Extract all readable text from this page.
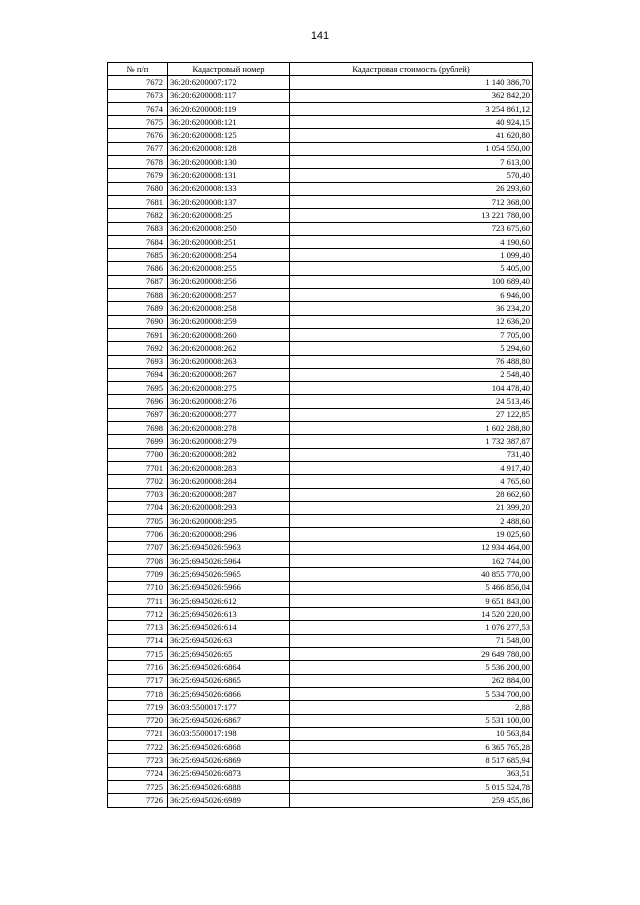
141
№ п/п	Кадастровый номер	Кадастровая стоимость (рублей)
7672	36:20:6200007:172	1 140 386,70
7673	36:20:6200008:117	362 842,20
7674	36:20:6200008:119	3 254 861,12
7675	36:20:6200008:121	40 924,15
7676	36:20:6200008:125	41 620,80
7677	36:20:6200008:128	1 054 550,00
7678	36:20:6200008:130	7 613,00
7679	36:20:6200008:131	570,40
7680	36:20:6200008:133	26 293,60
7681	36:20:6200008:137	712 368,00
7682	36:20:6200008:25	13 221 780,00
7683	36:20:6200008:250	723 675,60
7684	36:20:6200008:251	4 190,60
7685	36:20:6200008:254	1 099,40
7686	36:20:6200008:255	5 405,00
7687	36:20:6200008:256	100 689,40
7688	36:20:6200008:257	6 946,00
7689	36:20:6200008:258	36 234,20
7690	36:20:6200008:259	12 636,20
7691	36:20:6200008:260	7 705,00
7692	36:20:6200008:262	5 294,60
7693	36:20:6200008:263	76 488,80
7694	36:20:6200008:267	2 548,40
7695	36:20:6200008:275	104 478,40
7696	36:20:6200008:276	24 513,46
7697	36:20:6200008:277	27 122,85
7698	36:20:6200008:278	1 602 288,80
7699	36:20:6200008:279	1 732 387,87
7700	36:20:6200008:282	731,40
7701	36:20:6200008:283	4 917,40
7702	36:20:6200008:284	4 765,60
7703	36:20:6200008:287	28 662,60
7704	36:20:6200008:293	21 399,20
7705	36:20:6200008:295	2 488,60
7706	36:20:6200008:296	19 025,60
7707	36:25:6945026:5963	12 934 464,00
7708	36:25:6945026:5964	162 744,00
7709	36:25:6945026:5965	40 855 770,00
7710	36:25:6945026:5966	5 466 856,04
7711	36:25:6945026:612	9 651 843,00
7712	36:25:6945026:613	14 520 220,00
7713	36:25:6945026:614	1 076 277,53
7714	36:25:6945026:63	71 548,00
7715	36:25:6945026:65	29 649 780,00
7716	36:25:6945026:6864	5 536 200,00
7717	36:25:6945026:6865	262 884,00
7718	36:25:6945026:6866	5 534 700,00
7719	36:03:5500017:177	2,88
7720	36:25:6945026:6867	5 531 100,00
7721	36:03:5500017:198	10 563,84
7722	36:25:6945026:6868	6 365 765,28
7723	36:25:6945026:6869	8 517 685,94
7724	36:25:6945026:6873	363,51
7725	36:25:6945026:6888	5 015 524,78
7726	36:25:6945026:6989	259 455,86
